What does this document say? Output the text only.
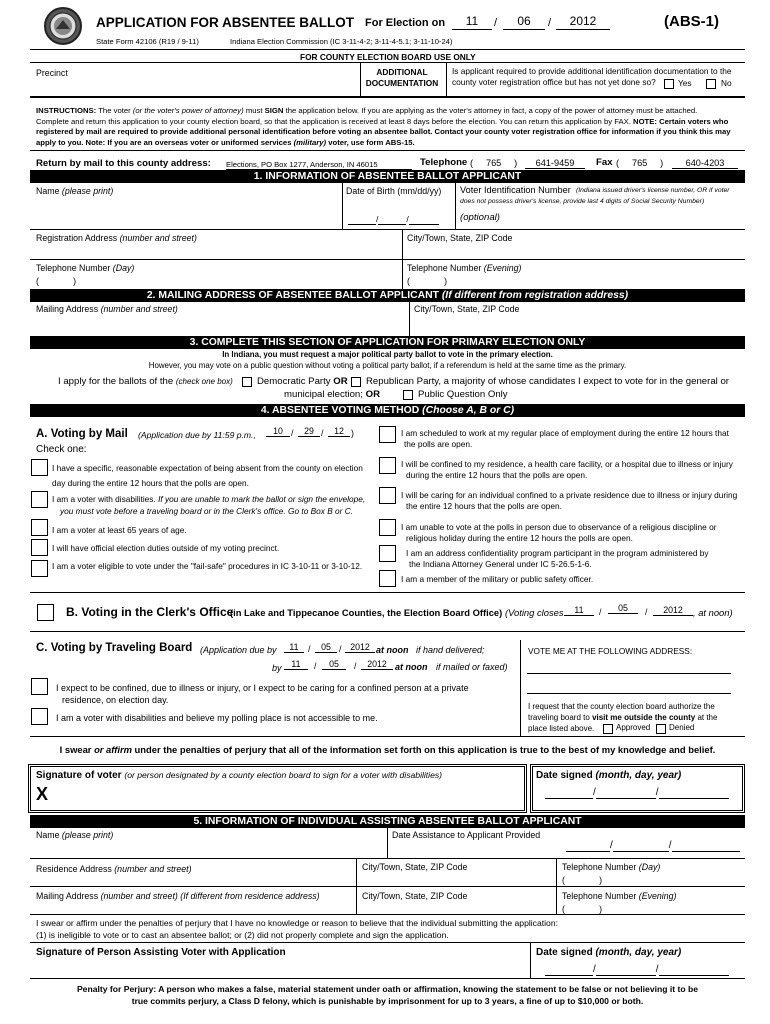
APPLICATION FOR ABSENTEE BALLOT For Election on	11	/	06	/	2012	(ABS-1)
State Form 42106 (R19 / 9-11)	Indiana Election Commission (IC 3-11-4-2; 3-11-4-5.1; 3-11-10-24)
FOR COUNTY ELECTION BOARD USE ONLY
Precinct	ADDITIONAL
DOCUMENTATION
Is applicant required to provide additional identification documentation to the
county voter registration office but has not yet done so?	Yes	No
INSTRUCTIONS: The voter (or the voter's power of attorney) must SIGN the application below. If you are applying as the voter's attorney in fact, a copy of the power of attorney must be attached.
Complete and return this application to your county election board, so that the application is received at least 8 days before the election. You can return this application by FAX. NOTE: Certain voters who
registered by mail are required to provide additional personal identification before voting an absentee ballot. Contact your county voter registration office for information if you think this may
apply to you. Note: If you are an overseas voter or uniformed services (military) voter, use form ABS-15.
Return by mail to this county address: Elections, PO Box 1277, Anderson, IN 46015	Telephone ( 765 )	641-9459	Fax ( 765 )	640-4203
1. INFORMATION OF ABSENTEE BALLOT APPLICANT
Name (please print)	Date of Birth (mm/dd/yy)
/	/
Voter Identification Number (Indiana issued driver's license number, OR if voter
does not possess driver's license, provide last 4 digits of Social Security Number)
(optional)
Registration Address (number and street)	City/Town, State, ZIP Code
Telephone Number (Day)
(              )
Telephone Number (Evening)
(              )
2. MAILING ADDRESS OF ABSENTEE BALLOT APPLICANT (If different from registration address)
Mailing Address (number and street)	City/Town, State, ZIP Code
3. COMPLETE THIS SECTION OF APPLICATION FOR PRIMARY ELECTION ONLY
In Indiana, you must request a major political party ballot to vote in the primary election.
However, you may vote on a public question without voting a political party ballot, if a referendum is held at the same time as the primary.
I apply for the ballots of the (check one box)	Democratic Party OR Republican Party, a majority of whose candidates I expect to vote for in the general or
municipal election; OR	Public Question Only
4. ABSENTEE VOTING METHOD (Choose A, B or C)
A. Voting by Mail (Application due by 11:59 p.m.,	10 /	29 /	12 )
Check one:
I have a specific, reasonable expectation of being absent from the county on election
day during the entire 12 hours that the polls are open.
I am a voter with disabilities. If you are unable to mark the ballot or sign the envelope,
you must vote before a traveling board or in the Clerk's office. Go to Box B or C.
I am a voter at least 65 years of age.
I will have official election duties outside of my voting precinct.
I am a voter eligible to vote under the "fail-safe" procedures in IC 3-10-11 or 3-10-12.
I am scheduled to work at my regular place of employment during the entire 12 hours that
the polls are open.
I will be confined to my residence, a health care facility, or a hospital due to illness or injury
during the entire 12 hours that the polls are open.
I will be caring for an individual confined to a private residence due to illness or injury during
the entire 12 hours that the polls are open.
I am unable to vote at the polls in person due to observance of a religious discipline or
religious holiday during the entire 12 hours the polls are open.
I am an address confidentiality program participant in the program administered by
the Indiana Attorney General under IC 5-26.5-1-6.
I am a member of the military or public safety officer.
B. Voting in the Clerk's Office
(in Lake and Tippecanoe Counties, the Election Board Office) (Voting closes	11	/	05	/	2012	, at noon)
C. Voting by Traveling Board (Application due by	11	/	05 / 2012 at noon if hand delivered;
by	11	/	05	/	2012 at noon if mailed or faxed)
I expect to be confined, due to illness or injury, or I expect to be caring for a confined person at a private
residence, on election day.
I am a voter with disabilities and believe my polling place is not accessible to me.
VOTE ME AT THE FOLLOWING ADDRESS:
I request that the county election board authorize the
traveling board to visit me outside the county at the
place listed above.	Approved Denied
I swear or affirm under the penalties of perjury that all of the information set forth on this application is true to the best of my knowledge and belief.
Signature of voter (or person designated by a county election board to sign for a voter with disabilities)
X
Date signed (month, day, year)
/	/
5. INFORMATION OF INDIVIDUAL ASSISTING ABSENTEE BALLOT APPLICANT
Name (please print)	Date Assistance to Applicant Provided
/	/
Residence Address (number and street)	City/Town, State, ZIP Code	Telephone Number (Day)
(              )
Mailing Address (number and street) (If different from residence address)	City/Town, State, ZIP Code	Telephone Number (Evening)
(              )
I swear or affirm under the penalties of perjury that I have no knowledge or reason to believe that the individual submitting the application:
(1) is ineligible to vote or to cast an absentee ballot; or (2) did not properly complete and sign the application.
Signature of Person Assisting Voter with Application	Date signed (month, day, year)
/	/
Penalty for Perjury: A person who makes a false, material statement under oath or affirmation, knowing the statement to be false or not believing it to be
true commits perjury, a Class D felony, which is punishable by imprisonment for up to 3 years, a fine of up to $10,000 or both.
